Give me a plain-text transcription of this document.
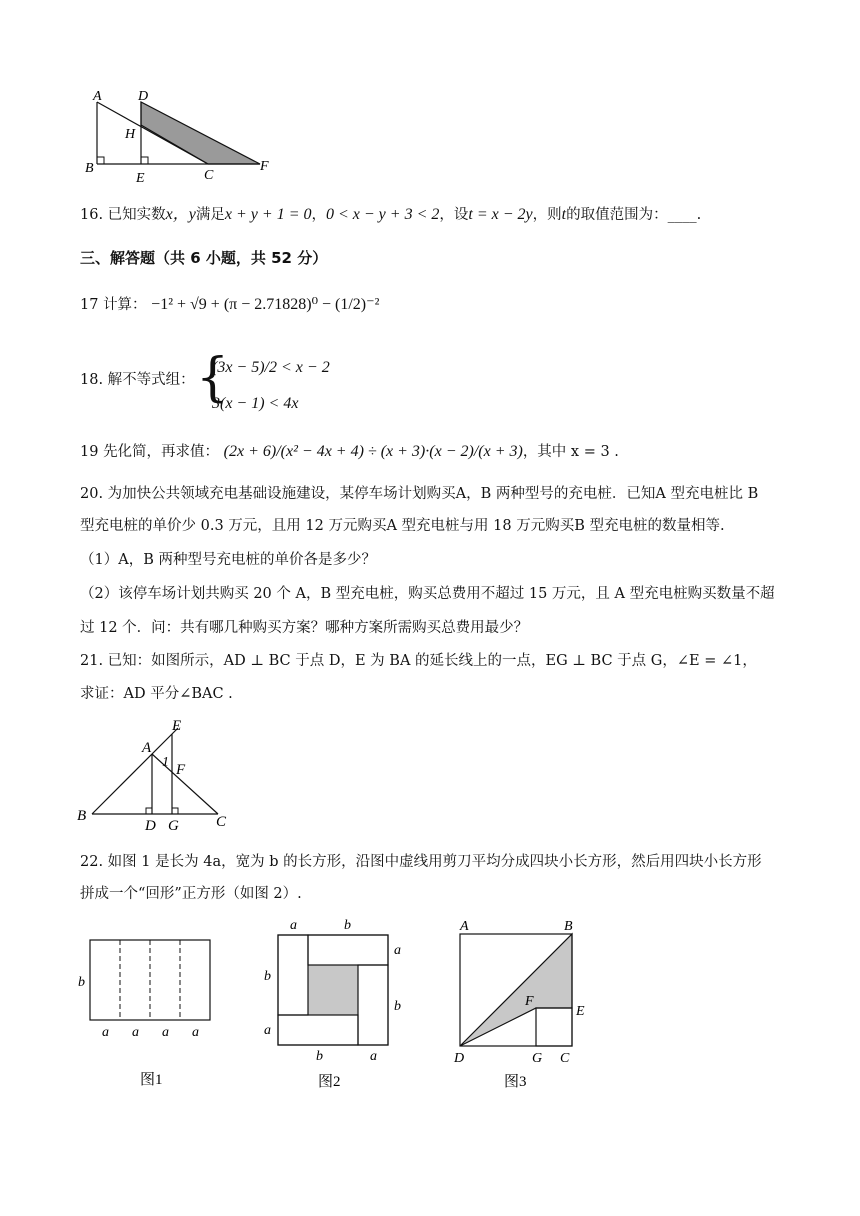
A	D
H
B
E	C
F
16. 已知实数x，y满足x + y + 1 = 0，0 < x − y + 3 < 2，设t = x − 2y，则t的取值范围为：____.
三、解答题（共 6 小题，共 52 分）
17 计算： −1² + √9 + (π − 2.71828)⁰ − (1/2)⁻²
18. 解不等式组： {
(3x − 5)/2 < x − 2
3(x − 1) < 4x
19 先化简，再求值： (2x + 6)/(x² − 4x + 4) ÷ (x + 3)·(x − 2)/(x + 3)，其中 x = 3 .
20. 为加快公共领域充电基础设施建设，某停车场计划购买A，B 两种型号的充电桩．已知A 型充电桩比 B
型充电桩的单价少 0.3 万元，且用 12 万元购买A 型充电桩与用 18 万元购买B 型充电桩的数量相等.
（1）A，B 两种型号充电桩的单价各是多少？
（2）该停车场计划共购买 20 个 A，B 型充电桩，购买总费用不超过 15 万元，且 A 型充电桩购买数量不超
过 12 个．问：共有哪几种购买方案？哪种方案所需购买总费用最少？
21. 已知：如图所示，AD ⊥ BC 于点 D，E 为 BA 的延长线上的一点，EG ⊥ BC 于点 G，∠E = ∠1，
求证：AD 平分∠BAC .
E
A
1 F
B
D G C
22. 如图 1 是长为 4a，宽为 b 的长方形，沿图中虚线用剪刀平均分成四块小长方形，然后用四块小长方形
拼成一个“回形”正方形（如图 2）.
b
a a a a
图1
a	b
a
b
b
a
b	a
图2
A	B
E
F
D	G C
图3
